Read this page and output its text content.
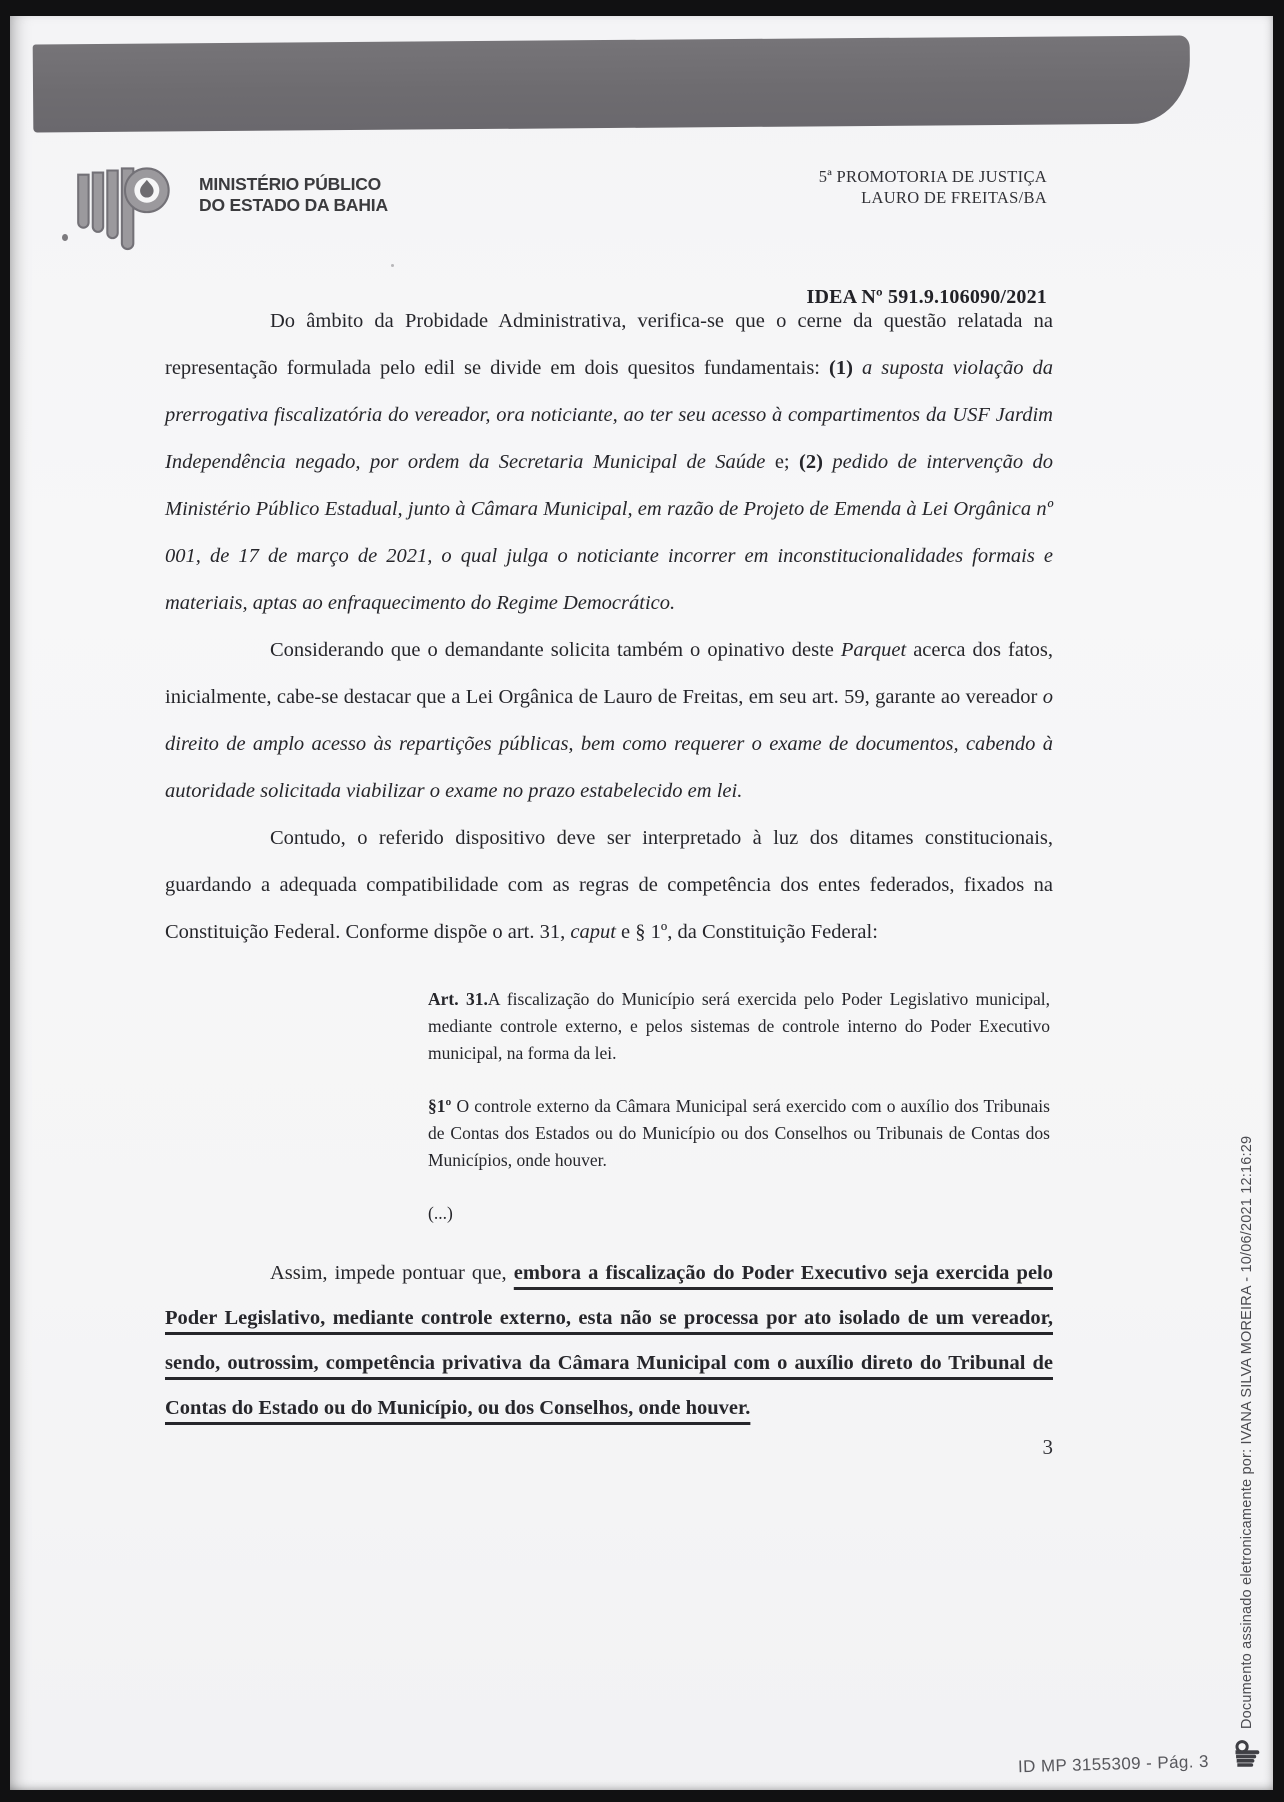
MINISTÉRIO PÚBLICO
DO ESTADO DA BAHIA
5ª PROMOTORIA DE JUSTIÇA
LAURO DE FREITAS/BA
IDEA Nº 591.9.106090/2021

Do âmbito da Probidade Administrativa, verifica-se que o cerne da questão relatada na representação formulada pelo edil se divide em dois quesitos fundamentais: (1) a suposta violação da prerrogativa fiscalizatória do vereador, ora noticiante, ao ter seu acesso à compartimentos da USF Jardim Independência negado, por ordem da Secretaria Municipal de Saúde e; (2) pedido de intervenção do Ministério Público Estadual, junto à Câmara Municipal, em razão de Projeto de Emenda à Lei Orgânica nº 001, de 17 de março de 2021, o qual julga o noticiante incorrer em inconstitucionalidades formais e materiais, aptas ao enfraquecimento do Regime Democrático.

Considerando que o demandante solicita também o opinativo deste Parquet acerca dos fatos, inicialmente, cabe-se destacar que a Lei Orgânica de Lauro de Freitas, em seu art. 59, garante ao vereador o direito de amplo acesso às repartições públicas, bem como requerer o exame de documentos, cabendo à autoridade solicitada viabilizar o exame no prazo estabelecido em lei.

Contudo, o referido dispositivo deve ser interpretado à luz dos ditames constitucionais, guardando a adequada compatibilidade com as regras de competência dos entes federados, fixados na Constituição Federal. Conforme dispõe o art. 31, caput e § 1º, da Constituição Federal:

Art. 31.A fiscalização do Município será exercida pelo Poder Legislativo municipal, mediante controle externo, e pelos sistemas de controle interno do Poder Executivo municipal, na forma da lei.

§1º O controle externo da Câmara Municipal será exercido com o auxílio dos Tribunais de Contas dos Estados ou do Município ou dos Conselhos ou Tribunais de Contas dos Municípios, onde houver.

(...)

Assim, impede pontuar que, embora a fiscalização do Poder Executivo seja exercida pelo Poder Legislativo, mediante controle externo, esta não se processa por ato isolado de um vereador, sendo, outrossim, competência privativa da Câmara Municipal com o auxílio direto do Tribunal de Contas do Estado ou do Município, ou dos Conselhos, onde houver.

3	Documento assinado eletronicamente por: IVANA SILVA MOREIRA - 10/06/2021 12:16:29
ID MP 3155309 - Pág. 3
